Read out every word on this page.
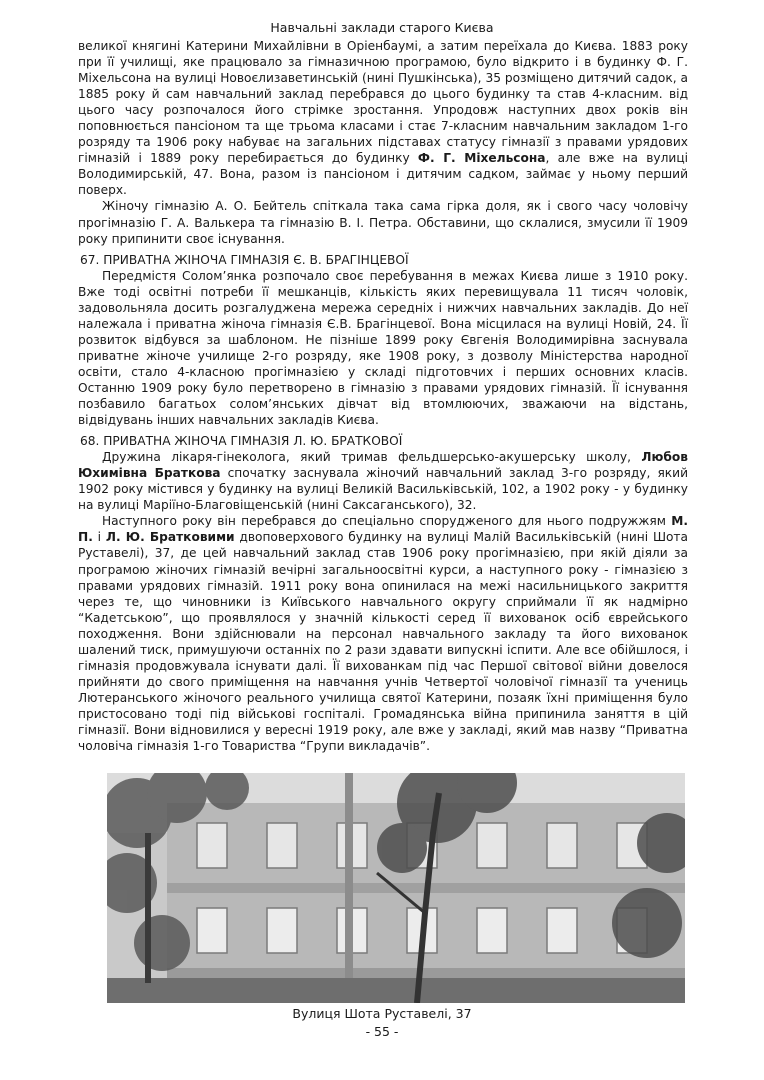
Навчальні заклади старого Києва

великої княгині Катерини Михайлівни в Оріенбаумі, а затим переїхала до Києва. 1883 року при її училищі, яке працювало за гімназичною програмою, було відкрито і в будинку Ф. Г. Міхельсона на вулиці Новоєлизаветинській (нині Пушкінська), 35 розміщено дитячий садок, а 1885 року й сам навчальний заклад перебрався до цього будинку та став 4-класним. від цього часу розпочалося його стрімке зростання. Упродовж наступних двох років він поповнюється пансіоном та ще трьома класами і стає 7-класним навчальним закладом 1-го розряду та 1906 року набуває на загальних підставах статусу гімназії з правами урядових гімназій і 1889 року перебирається до будинку Ф. Г. Міхельсона, але вже на вулиці Володимирській, 47. Вона, разом із пансіоном і дитячим садком, займає у ньому перший поверх.

Жіночу гімназію А. О. Бейтель спіткала така сама гірка доля, як і свого часу чоловічу прогімназію Г. А. Валькера та гімназію В. І. Петра. Обставини, що склалися, змусили її 1909 року припинити своє існування.

67. ПРИВАТНА ЖІНОЧА ГІМНАЗІЯ Є. В. БРАГІНЦЕВОЇ

Передмістя Солом’янка розпочало своє перебування в межах Києва лише з 1910 року. Вже тоді освітні потреби її мешканців, кількість яких перевищувала 11 тисяч чоловік, задовольняла досить розгалуджена мережа середніх і нижчих навчальних закладів. До неї належала і приватна жіноча гімназія Є.В. Брагінцевої. Вона місцилася на вулиці Новій, 24. Її розвиток відбувся за шаблоном. Не пізніше 1899 року Євгенія Володимирівна заснувала приватне жіноче училище 2-го розряду, яке 1908 року, з дозволу Міністерства народної освіти, стало 4-класною прогімназією у складі підготовчих і перших основних класів. Останню 1909 року було перетворено в гімназію з правами урядових гімназій. Її існування позбавило багатьох солом’янських дівчат від втомлюючих, зважаючи на відстань, відвідувань інших навчальних закладів Києва.

68. ПРИВАТНА ЖІНОЧА ГІМНАЗІЯ Л. Ю. БРАТКОВОЇ

Дружина лікаря-гінеколога, який тримав фельдшерсько-акушерську школу, Любов Юхимівна Браткова спочатку заснувала жіночий навчальний заклад 3-го розряду, який 1902 року містився у будинку на вулиці Великій Васильківській, 102, а 1902 року - у будинку на вулиці Маріїно-Благовіщенській (нині Саксаганського), 32.

Наступного року він перебрався до спеціально спорудженого для нього подружжям М. П. і Л. Ю. Братковими двоповерхового будинку на вулиці Малій Васильківській (нині Шота Руставелі), 37, де цей навчальний заклад став 1906 року прогімназією, при якій діяли за програмою жіночих гімназій вечірні загальноосвітні курси, а наступного року - гімназією з правами урядових гімназій. 1911 року вона опинилася на межі насильницького закриття через те, що чиновники із Київського навчального округу сприймали її як надмірно “Кадетською”, що проявлялося у значній кількості серед її вихованок осіб єврейського походження. Вони здійснювали на персонал навчального закладу та його вихованок шалений тиск, примушуючи останніх по 2 рази здавати випускні іспити. Але все обійшлося, і гімназія продовжувала існувати далі. Її вихованкам під час Першої світової війни довелося прийняти до свого приміщення на навчання учнів Четвертої чоловічої гімназії та учениць Лютеранського жіночого реального училища святої Катерини, позаяк їхні приміщення було пристосовано тоді під військові госпіталі. Громадянська війна припинила заняття в цій гімназії. Вони відновилися у вересні 1919 року, але вже у закладі, який мав назву “Приватна чоловіча гімназія 1-го Товариства “Групи викладачів”.

Вулиця Шота Руставелі, 37
- 55 -
